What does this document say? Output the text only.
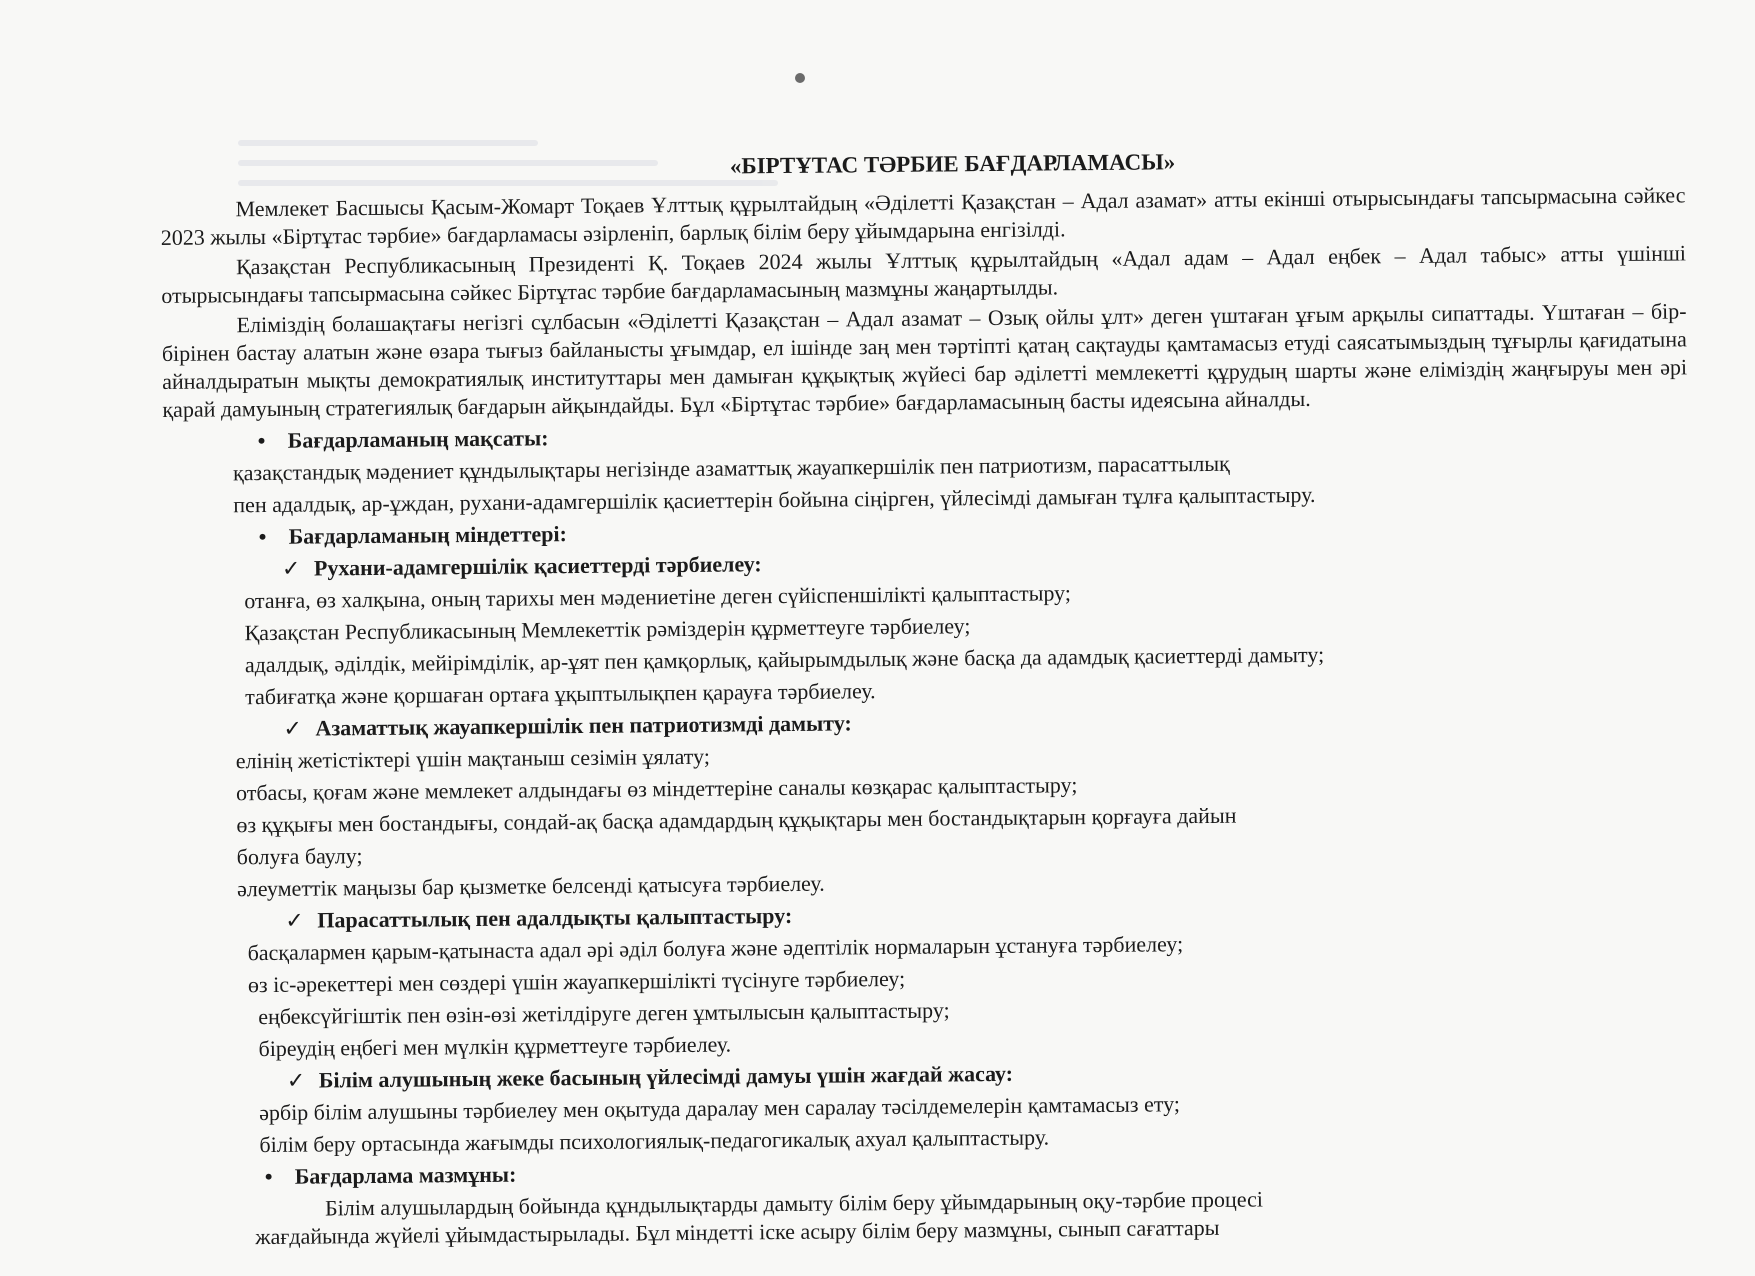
«БІРТҰТАС ТӘРБИЕ БАҒДАРЛАМАСЫ»

Мемлекет Басшысы Қасым-Жомарт Тоқаев Ұлттық құрылтайдың «Әділетті Қазақстан – Адал азамат» атты екінші отырысындағы тапсырмасына сәйкес 2023 жылы «Біртұтас тәрбие» бағдарламасы әзірленіп, барлық білім беру ұйымдарына енгізілді.

Қазақстан Республикасының Президенті Қ. Тоқаев 2024 жылы Ұлттық құрылтайдың «Адал адам – Адал еңбек – Адал табыс» атты үшінші отырысындағы тапсырмасына сәйкес Біртұтас тәрбие бағдарламасының мазмұны жаңартылды.

Еліміздің болашақтағы негізгі сұлбасын «Әділетті Қазақстан – Адал азамат – Озық ойлы ұлт» деген үштаған ұғым арқылы сипаттады. Үштаған – бір-бірінен бастау алатын және өзара тығыз байланысты ұғымдар, ел ішінде заң мен тәртіпті қатаң сақтауды қамтамасыз етуді саясатымыздың тұғырлы қағидатына айналдыратын мықты демократиялық институттары мен дамыған құқықтық жүйесі бар әділетті мемлекетті құрудың шарты және еліміздің жаңғыруы мен әрі қарай дамуының стратегиялық бағдарын айқындайды. Бұл «Біртұтас тәрбие» бағдарламасының басты идеясына айналды.

• Бағдарламаның мақсаты:
қазақстандық мәдениет құндылықтары негізінде азаматтық жауапкершілік пен патриотизм, парасаттылық
пен адалдық, ар-ұждан, рухани-адамгершілік қасиеттерін бойына сіңірген, үйлесімді дамыған тұлға қалыптастыру.
• Бағдарламаның міндеттері:
✓ Рухани-адамгершілік қасиеттерді тәрбиелеу:
отанға, өз халқына, оның тарихы мен мәдениетіне деген сүйіспеншілікті қалыптастыру;
Қазақстан Республикасының Мемлекеттік рәміздерін құрметтеуге тәрбиелеу;
адалдық, әділдік, мейірімділік, ар-ұят пен қамқорлық, қайырымдылық және басқа да адамдық қасиеттерді дамыту;
табиғатқа және қоршаған ортаға ұқыптылықпен қарауға тәрбиелеу.
✓ Азаматтық жауапкершілік пен патриотизмді дамыту:
елінің жетістіктері үшін мақтаныш сезімін ұялату;
отбасы, қоғам және мемлекет алдындағы өз міндеттеріне саналы көзқарас қалыптастыру;
өз құқығы мен бостандығы, сондай-ақ басқа адамдардың құқықтары мен бостандықтарын қорғауға дайын
болуға баулу;
әлеуметтік маңызы бар қызметке белсенді қатысуға тәрбиелеу.
✓ Парасаттылық пен адалдықты қалыптастыру:
басқалармен қарым-қатынаста адал әрі әділ болуға және әдептілік нормаларын ұстануға тәрбиелеу;
өз іс-әрекеттері мен сөздері үшін жауапкершілікті түсінуге тәрбиелеу;
еңбексүйгіштік пен өзін-өзі жетілдіруге деген ұмтылысын қалыптастыру;
біреудің еңбегі мен мүлкін құрметтеуге тәрбиелеу.
✓ Білім алушының жеке басының үйлесімді дамуы үшін жағдай жасау:
әрбір білім алушыны тәрбиелеу мен оқытуда даралау мен саралау тәсілдемелерін қамтамасыз ету;
білім беру ортасында жағымды психологиялық-педагогикалық ахуал қалыптастыру.
• Бағдарлама мазмұны:
Білім алушылардың бойында құндылықтарды дамыту білім беру ұйымдарының оқу-тәрбие процесі
жағдайында жүйелі ұйымдастырылады. Бұл міндетті іске асыру білім беру мазмұны, сынып сағаттары
